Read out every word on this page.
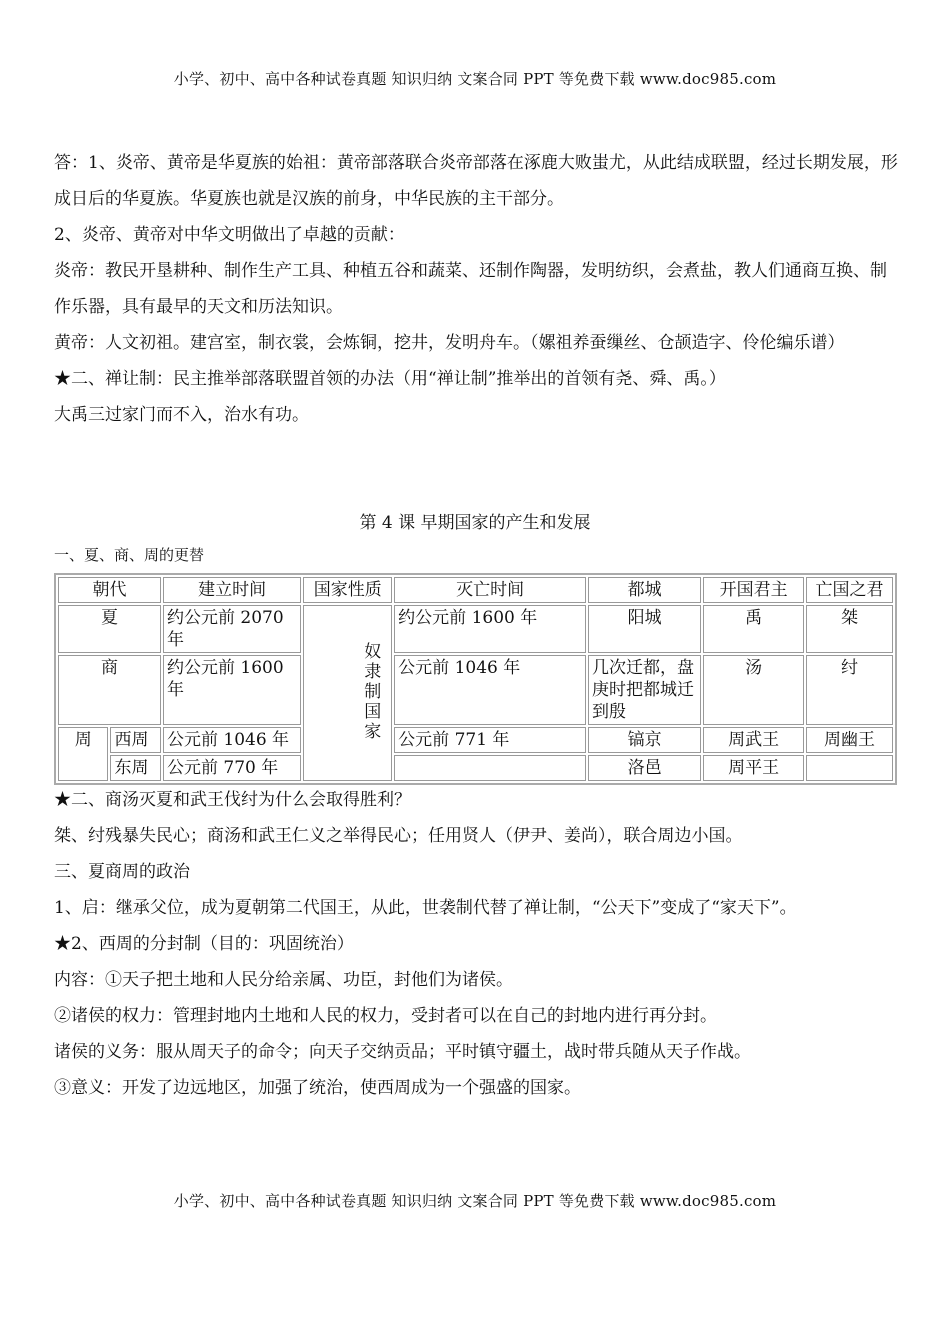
小学、初中、高中各种试卷真题 知识归纳 文案合同 PPT 等免费下载 www.doc985.com

答：1、炎帝、黄帝是华夏族的始祖：黄帝部落联合炎帝部落在涿鹿大败蚩尤，从此结成联盟，经过长期发展，形成日后的华夏族。华夏族也就是汉族的前身，中华民族的主干部分。

2、炎帝、黄帝对中华文明做出了卓越的贡献：

炎帝：教民开垦耕种、制作生产工具、种植五谷和蔬菜、还制作陶器，发明纺织，会煮盐，教人们通商互换、制作乐器，具有最早的天文和历法知识。

黄帝：人文初祖。建宫室，制衣裳，会炼铜，挖井，发明舟车。（嫘祖养蚕缫丝、仓颉造字、伶伦编乐谱）

★二、禅让制：民主推举部落联盟首领的办法（用“禅让制”推举出的首领有尧、舜、禹。）

大禹三过家门而不入，治水有功。

第 4 课 早期国家的产生和发展
一、夏、商、周的更替
朝代		建立时间	国家性质	灭亡时间	都城	开国君主	亡国之君
夏		约公元前 2070 年	奴隶制国家	约公元前 1600 年	阳城	禹	桀
商		约公元前 1600 年		公元前 1046 年	几次迁都，盘庚时把都城迁到殷	汤	纣
周	西周	公元前 1046 年		公元前 771 年	镐京	周武王	周幽王
	东周	公元前 770 年			洛邑	周平王	

★二、商汤灭夏和武王伐纣为什么会取得胜利？

桀、纣残暴失民心；商汤和武王仁义之举得民心；任用贤人（伊尹、姜尚），联合周边小国。

三、夏商周的政治

1、启：继承父位，成为夏朝第二代国王，从此，世袭制代替了禅让制，“公天下”变成了“家天下”。

★2、西周的分封制（目的：巩固统治）

内容：①天子把土地和人民分给亲属、功臣，封他们为诸侯。

②诸侯的权力：管理封地内土地和人民的权力，受封者可以在自己的封地内进行再分封。

诸侯的义务：服从周天子的命令；向天子交纳贡品；平时镇守疆土，战时带兵随从天子作战。

③意义：开发了边远地区，加强了统治，使西周成为一个强盛的国家。

小学、初中、高中各种试卷真题 知识归纳 文案合同 PPT 等免费下载 www.doc985.com
